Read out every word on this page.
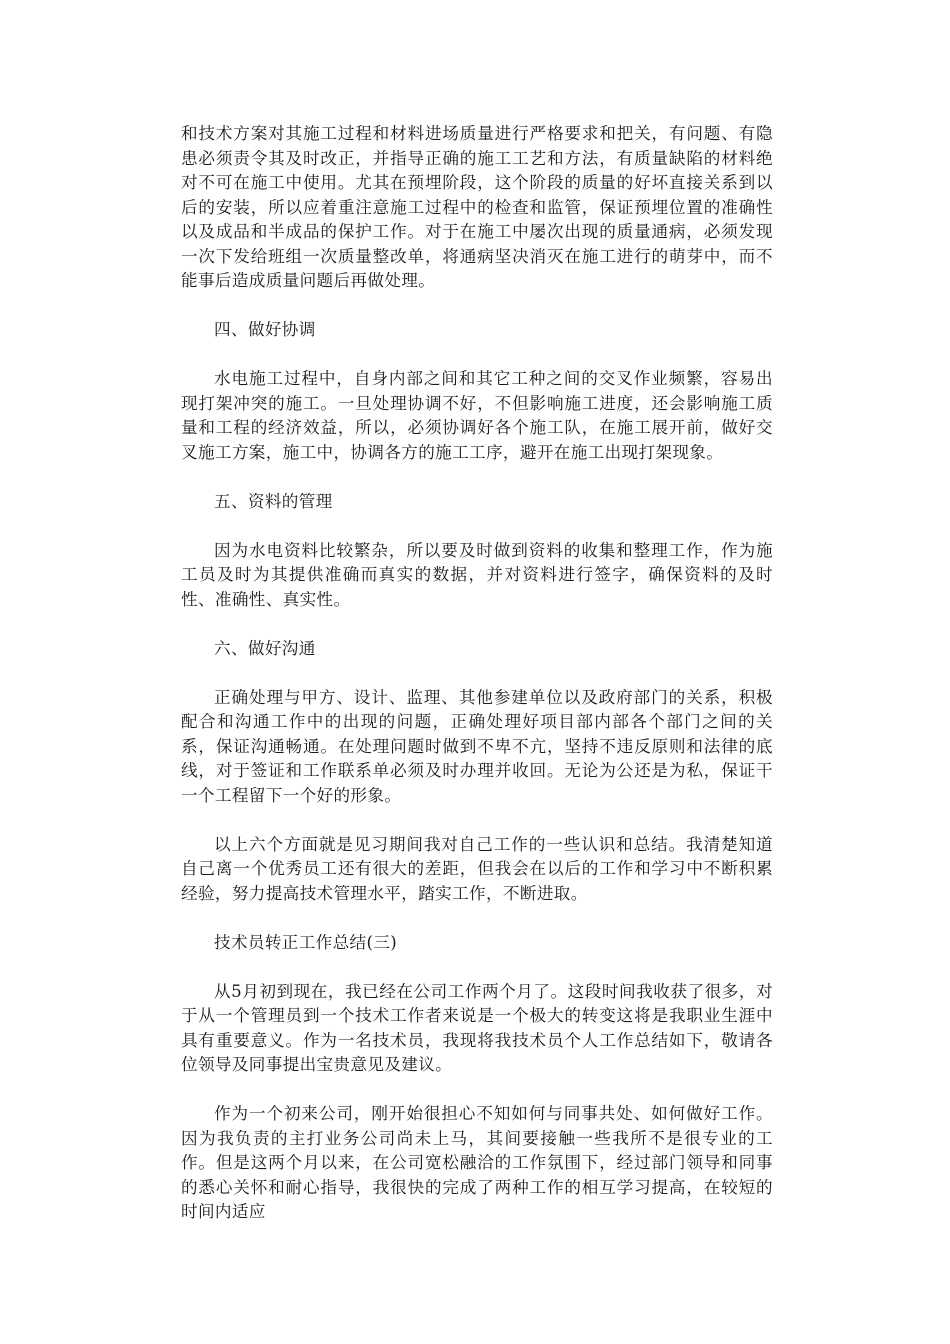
和技术方案对其施工过程和材料进场质量进行严格要求和把关，有问题、有隐患必须责令其及时改正，并指导正确的施工工艺和方法，有质量缺陷的材料绝对不可在施工中使用。尤其在预埋阶段，这个阶段的质量的好坏直接关系到以后的安装，所以应着重注意施工过程中的检查和监管，保证预埋位置的准确性以及成品和半成品的保护工作。对于在施工中屡次出现的质量通病，必须发现一次下发给班组一次质量整改单，将通病坚决消灭在施工进行的萌芽中，而不能事后造成质量问题后再做处理。

四、做好协调

水电施工过程中，自身内部之间和其它工种之间的交叉作业频繁，容易出现打架冲突的施工。一旦处理协调不好，不但影响施工进度，还会影响施工质量和工程的经济效益，所以，必须协调好各个施工队，在施工展开前，做好交叉施工方案，施工中，协调各方的施工工序，避开在施工出现打架现象。

五、资料的管理

因为水电资料比较繁杂，所以要及时做到资料的收集和整理工作，作为施工员及时为其提供准确而真实的数据，并对资料进行签字，确保资料的及时性、准确性、真实性。

六、做好沟通

正确处理与甲方、设计、监理、其他参建单位以及政府部门的关系，积极配合和沟通工作中的出现的问题，正确处理好项目部内部各个部门之间的关系，保证沟通畅通。在处理问题时做到不卑不亢，坚持不违反原则和法律的底线，对于签证和工作联系单必须及时办理并收回。无论为公还是为私，保证干一个工程留下一个好的形象。

以上六个方面就是见习期间我对自己工作的一些认识和总结。我清楚知道自己离一个优秀员工还有很大的差距，但我会在以后的工作和学习中不断积累经验，努力提高技术管理水平，踏实工作，不断进取。

技术员转正工作总结(三)

从5月初到现在，我已经在公司工作两个月了。这段时间我收获了很多，对于从一个管理员到一个技术工作者来说是一个极大的转变这将是我职业生涯中具有重要意义。作为一名技术员，我现将我技术员个人工作总结如下，敬请各位领导及同事提出宝贵意见及建议。

作为一个初来公司，刚开始很担心不知如何与同事共处、如何做好工作。因为我负责的主打业务公司尚未上马，其间要接触一些我所不是很专业的工作。但是这两个月以来，在公司宽松融洽的工作氛围下，经过部门领导和同事的悉心关怀和耐心指导，我很快的完成了两种工作的相互学习提高，在较短的时间内适应
